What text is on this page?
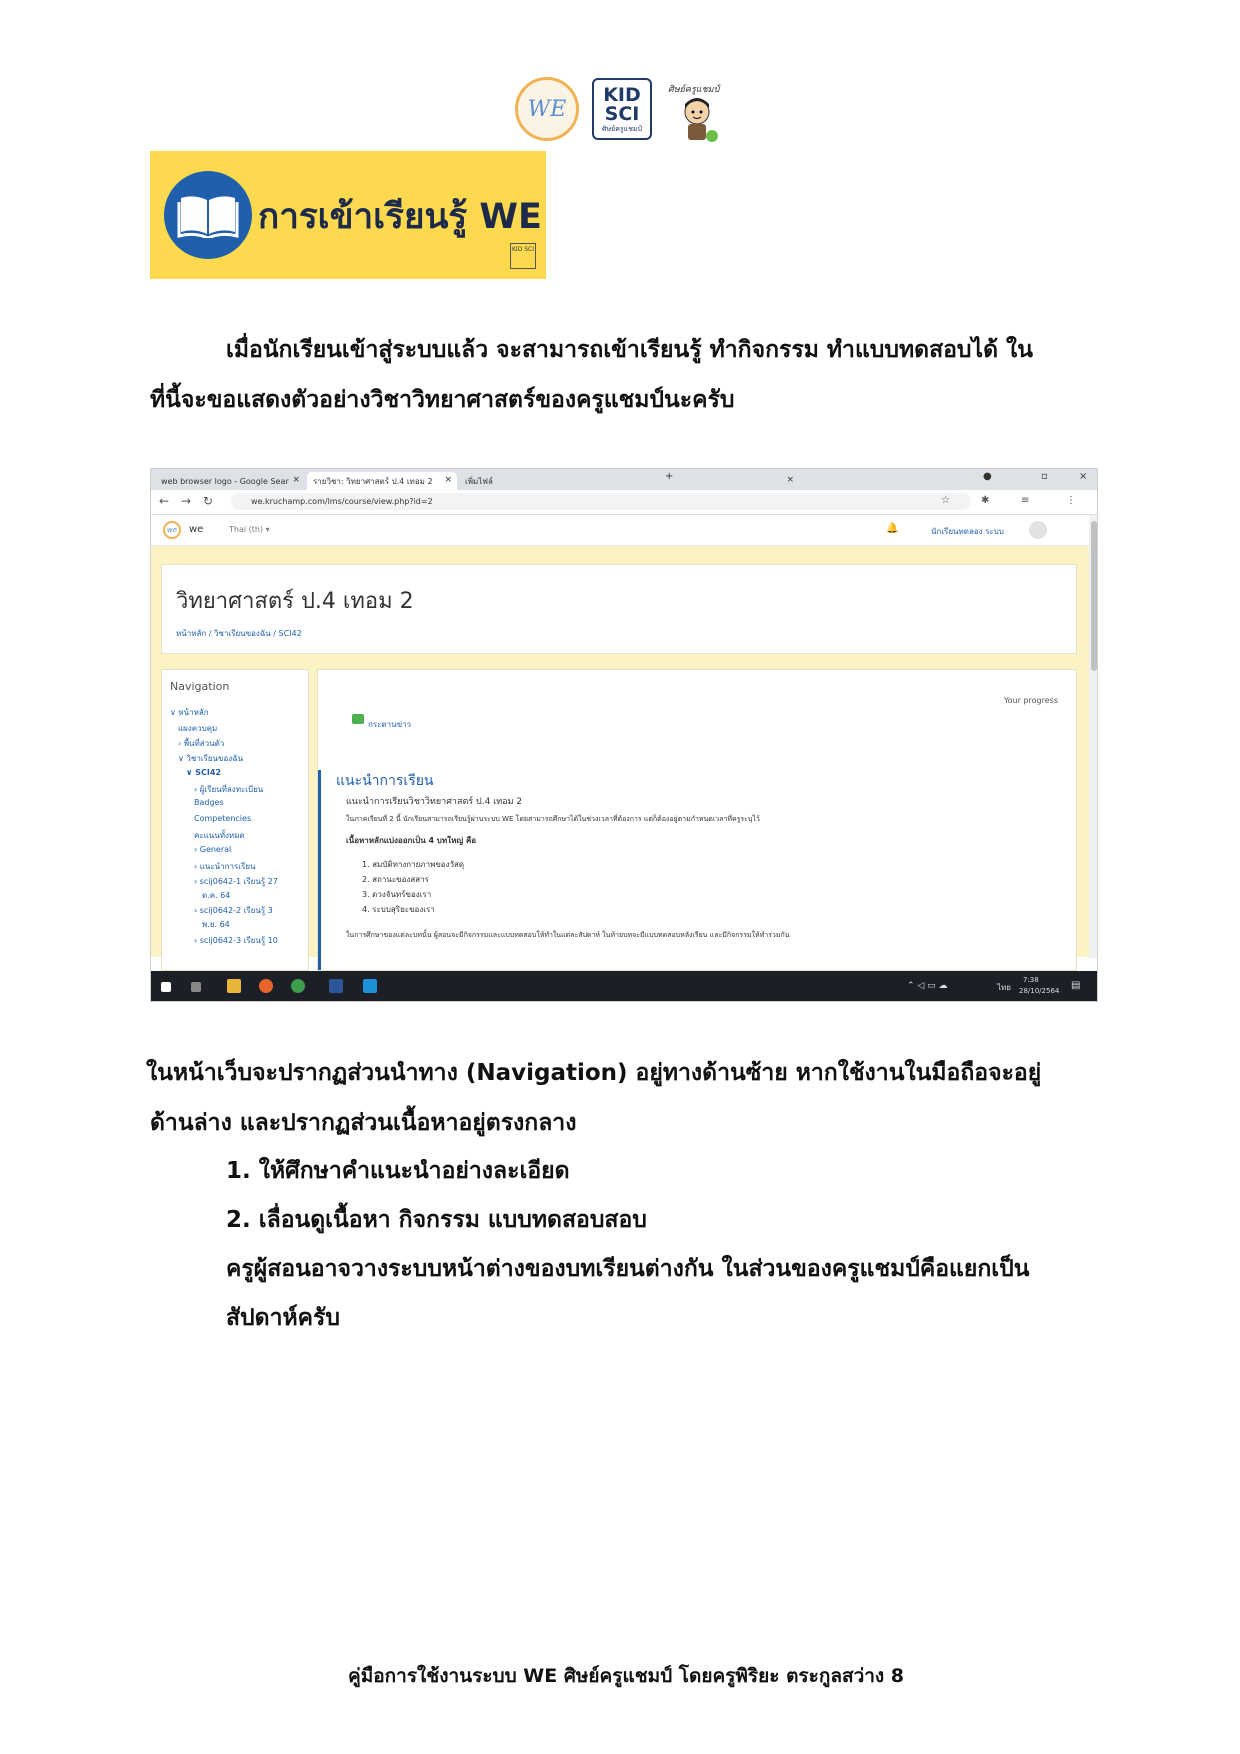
WE
KID
SCI
ศิษย์ครูแชมป์
ศิษย์ครูแชมป์
การเข้าเรียนรู้ WE
KID SCI
เมื่อนักเรียนเข้าสู่ระบบแล้ว จะสามารถเข้าเรียนรู้ ทำกิจกรรม ทำแบบทดสอบได้ ใน
ที่นี้จะขอแสดงตัวอย่างวิชาวิทยาศาสตร์ของครูแชมป์นะครับ
web browser logo - Google Sear × รายวิชา: วิทยาศาสตร์ ป.4 เทอม 2 × เพิ่มไฟล์	×
+	●	▫	×
← → ↻	we.kruchamp.com/lms/course/view.php?id=2	☆	✱	≡	⋮
we	we	Thai (th) ▾	🔔	นักเรียนทดลอง ระบบ
วิทยาศาสตร์ ป.4 เทอม 2
หน้าหลัก / วิชาเรียนของฉัน / SCI42
Navigation
∨ หน้าหลัก
แผงควบคุม
› พื้นที่ส่วนตัว
∨ วิชาเรียนของฉัน
∨ SCI42
› ผู้เรียนที่ลงทะเบียน
Badges
Competencies
คะแนนทั้งหมด
› General
› แนะนำการเรียน
› scij0642-1 เรียนรู้ 27
ต.ค. 64
› scij0642-2 เรียนรู้ 3
พ.ย. 64
› scij0642-3 เรียนรู้ 10
Your progress
กระดานข่าว
แนะนำการเรียน
แนะนำการเรียนวิชาวิทยาศาสตร์ ป.4 เทอม 2
ในภาคเรียนที่ 2 นี้ นักเรียนสามารถเรียนรู้ผ่านระบบ WE โดยสามารถศึกษาได้ในช่วงเวลาที่ต้องการ แต่ก็ต้องอยู่ตามกำหนดเวลาที่ครูระบุไว้
เนื้อหาหลักแบ่งออกเป็น 4 บทใหญ่ คือ
1. สมบัติทางกายภาพของวัสดุ
2. สถานะของสสาร
3. ดวงจันทร์ของเรา
4. ระบบสุริยะของเรา
ในการศึกษาของแต่ละบทนั้น ผู้สอนจะมีกิจกรรมและแบบทดสอบให้ทำในแต่ละสัปดาห์ ในท้ายบทจะมีแบบทดสอบหลังเรียน และมีกิจกรรมให้ทำร่วมกัน
⌃ ◁ ▭ ☁	ไทย
7:38
28/10/2564 ▤
ในหน้าเว็บจะปรากฏส่วนนำทาง (Navigation) อยู่ทางด้านซ้าย หากใช้งานในมือถือจะอยู่
ด้านล่าง และปรากฏส่วนเนื้อหาอยู่ตรงกลาง
1. ให้ศึกษาคำแนะนำอย่างละเอียด
2. เลื่อนดูเนื้อหา กิจกรรม แบบทดสอบสอบ
ครูผู้สอนอาจวางระบบหน้าต่างของบทเรียนต่างกัน ในส่วนของครูแชมป์คือแยกเป็น
สัปดาห์ครับ
คู่มือการใช้งานระบบ WE ศิษย์ครูแชมป์ โดยครูพิริยะ ตระกูลสว่าง 8
